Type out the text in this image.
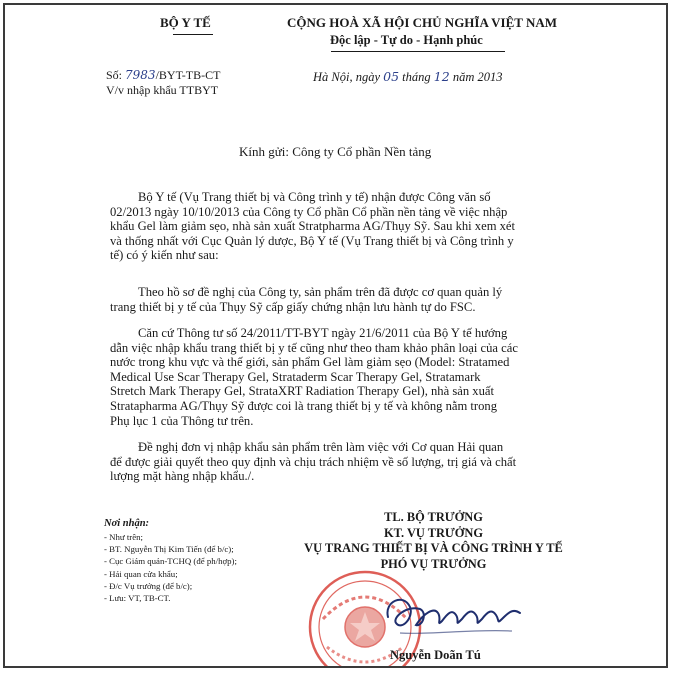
BỘ Y TẾ	CỘNG HOÀ XÃ HỘI CHỦ NGHĨA VIỆT NAM
Độc lập - Tự do - Hạnh phúc
Số: 7983/BYT-TB-CT
V/v nhập khẩu TTBYT
Hà Nội, ngày 05 tháng 12 năm 2013
Kính gửi: Công ty Cổ phần Nền tảng
Bộ Y tế (Vụ Trang thiết bị và Công trình y tế) nhận được Công văn số
02/2013 ngày 10/10/2013 của Công ty Cổ phần Cổ phần nền tảng về việc nhập
khẩu Gel làm giảm sẹo, nhà sản xuất Stratpharma AG/Thụy Sỹ. Sau khi xem xét
và thống nhất với Cục Quản lý dược, Bộ Y tế (Vụ Trang thiết bị và Công trình y
tế) có ý kiến như sau:
Theo hồ sơ đề nghị của Công ty, sản phẩm trên đã được cơ quan quản lý
trang thiết bị y tế của Thụy Sỹ cấp giấy chứng nhận lưu hành tự do FSC.
Căn cứ Thông tư số 24/2011/TT-BYT ngày 21/6/2011 của Bộ Y tế hướng
dẫn việc nhập khẩu trang thiết bị y tế cũng như theo tham khảo phân loại của các
nước trong khu vực và thế giới, sản phẩm Gel làm giảm sẹo (Model: Stratamed
Medical Use Scar Therapy Gel, Strataderm Scar Therapy Gel, Stratamark
Stretch Mark Therapy Gel, StrataXRT Radiation Therapy Gel), nhà sản xuất
Stratapharma AG/Thụy Sỹ được coi là trang thiết bị y tế và không nằm trong
Phụ lục 1 của Thông tư trên.
Đề nghị đơn vị nhập khẩu sản phẩm trên làm việc với Cơ quan Hải quan
để được giải quyết theo quy định và chịu trách nhiệm về số lượng, trị giá và chất
lượng mặt hàng nhập khẩu./.
Nơi nhận:
- Như trên;
- BT. Nguyễn Thị Kim Tiến (để b/c);
- Cục Giám quản-TCHQ (để ph/hợp);
- Hải quan cửa khẩu;
- Đ/c Vụ trưởng (để b/c);
- Lưu: VT, TB-CT.
TL. BỘ TRƯỞNG
KT. VỤ TRƯỞNG
VỤ TRANG THIẾT BỊ VÀ CÔNG TRÌNH Y TẾ
PHÓ VỤ TRƯỞNG
Nguyễn Doãn Tú
